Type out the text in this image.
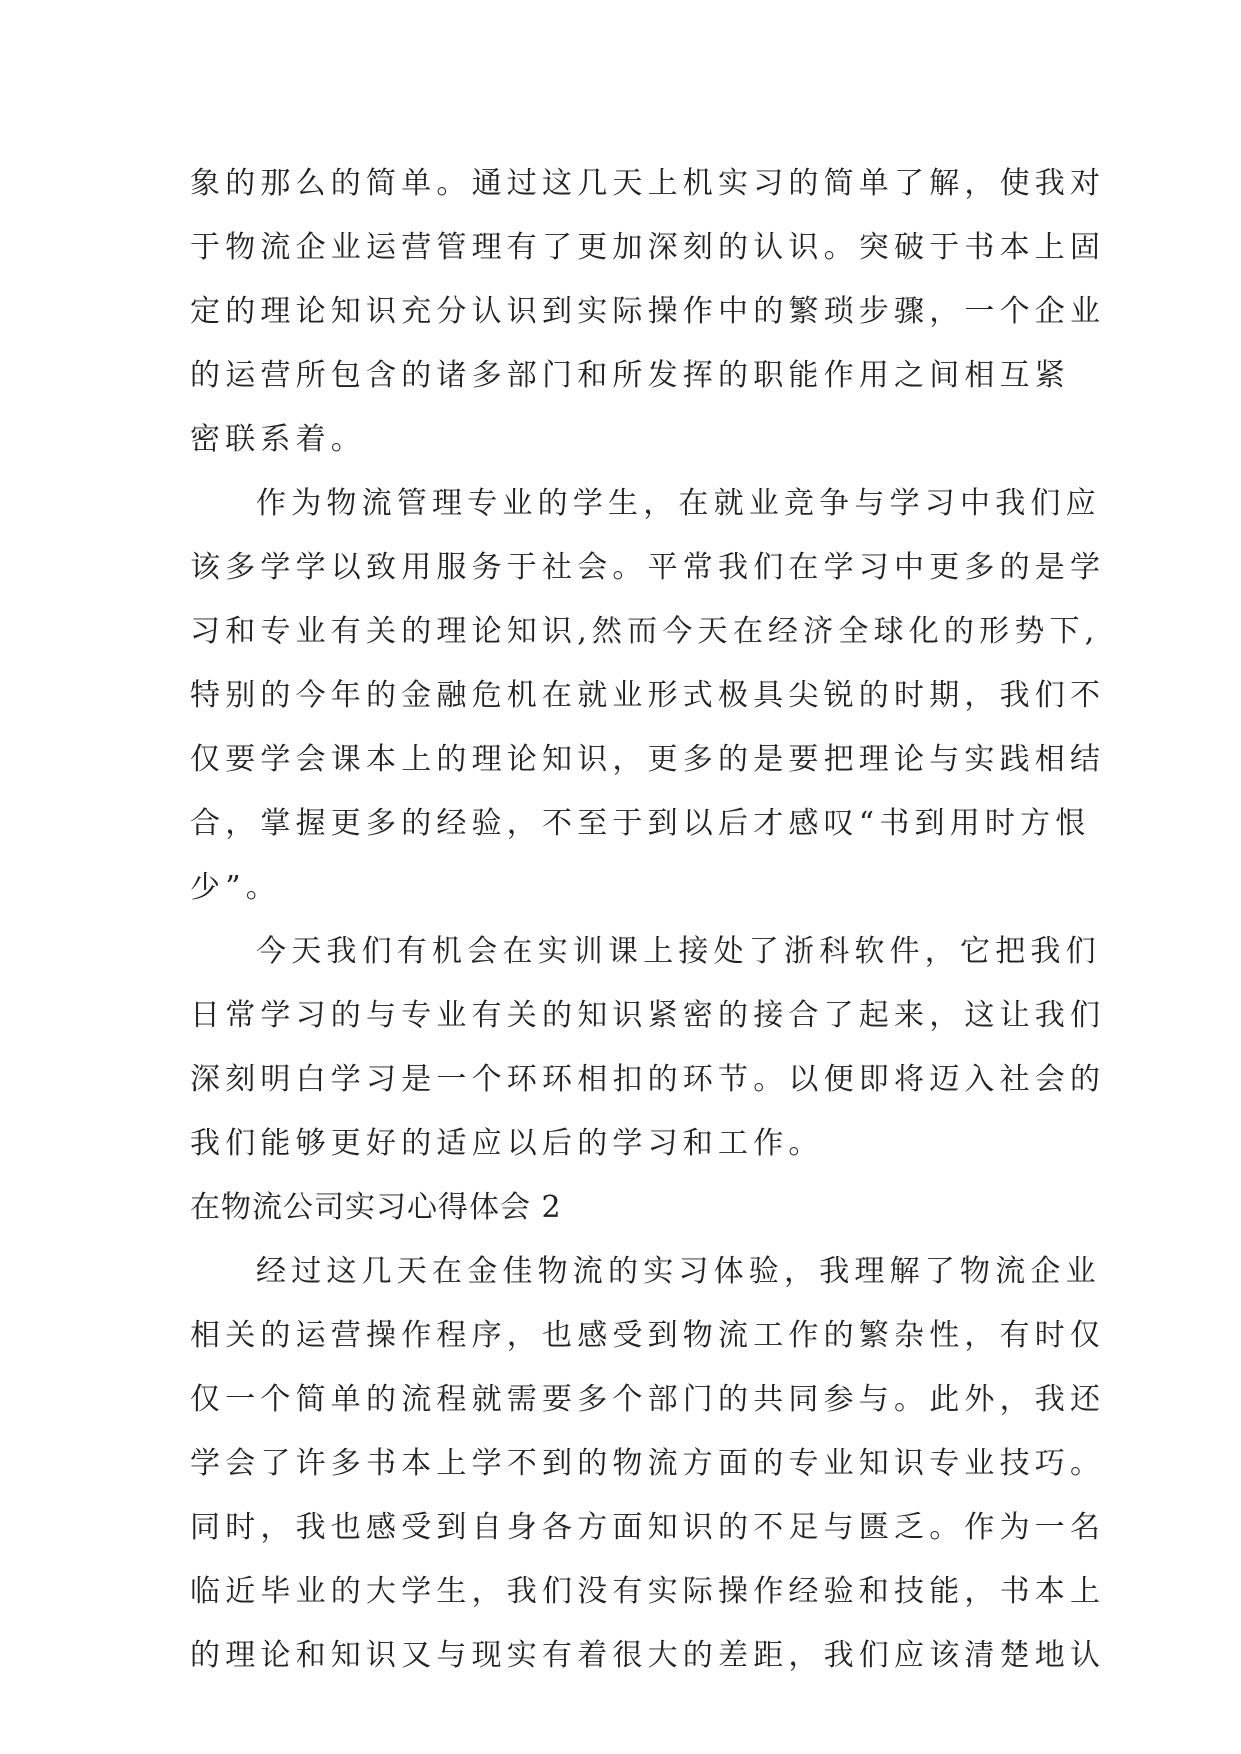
象的那么的简单。通过这几天上机实习的简单了解，使我对
于物流企业运营管理有了更加深刻的认识。突破于书本上固
定的理论知识充分认识到实际操作中的繁琐步骤，一个企业
的运营所包含的诸多部门和所发挥的职能作用之间相互紧
密联系着。
作为物流管理专业的学生，在就业竞争与学习中我们应
该多学学以致用服务于社会。平常我们在学习中更多的是学
习和专业有关的理论知识,然而今天在经济全球化的形势下,
特别的今年的金融危机在就业形式极具尖锐的时期，我们不
仅要学会课本上的理论知识，更多的是要把理论与实践相结
合，掌握更多的经验，不至于到以后才感叹“书到用时方恨
少”。
今天我们有机会在实训课上接处了浙科软件，它把我们
日常学习的与专业有关的知识紧密的接合了起来，这让我们
深刻明白学习是一个环环相扣的环节。以便即将迈入社会的
我们能够更好的适应以后的学习和工作。
在物流公司实习心得体会 2
经过这几天在金佳物流的实习体验，我理解了物流企业
相关的运营操作程序，也感受到物流工作的繁杂性，有时仅
仅一个简单的流程就需要多个部门的共同参与。此外，我还
学会了许多书本上学不到的物流方面的专业知识专业技巧。
同时，我也感受到自身各方面知识的不足与匮乏。作为一名
临近毕业的大学生，我们没有实际操作经验和技能，书本上
的理论和知识又与现实有着很大的差距，我们应该清楚地认
